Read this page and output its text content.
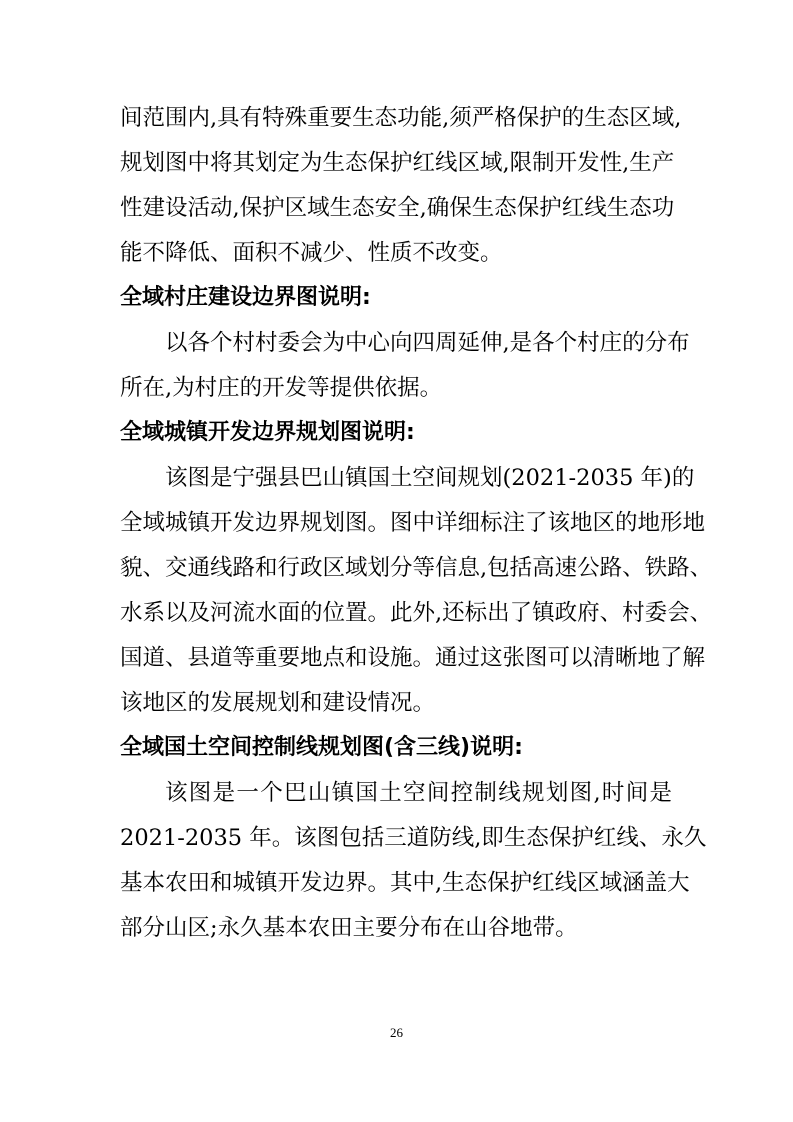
间范围内,具有特殊重要生态功能,须严格保护的生态区域,
规划图中将其划定为生态保护红线区域,限制开发性,生产
性建设活动,保护区域生态安全,确保生态保护红线生态功
能不降低、面积不减少、性质不改变。
全域村庄建设边界图说明:
以各个村村委会为中心向四周延伸,是各个村庄的分布
所在,为村庄的开发等提供依据。
全域城镇开发边界规划图说明:
该图是宁强县巴山镇国土空间规划(2021-2035 年)的
全域城镇开发边界规划图。图中详细标注了该地区的地形地
貌、交通线路和行政区域划分等信息,包括高速公路、铁路、
水系以及河流水面的位置。此外,还标出了镇政府、村委会、
国道、县道等重要地点和设施。通过这张图可以清晰地了解
该地区的发展规划和建设情况。
全域国土空间控制线规划图(含三线)说明:
该图是一个巴山镇国土空间控制线规划图,时间是
2021-2035 年。该图包括三道防线,即生态保护红线、永久
基本农田和城镇开发边界。其中,生态保护红线区域涵盖大
部分山区;永久基本农田主要分布在山谷地带。
26
